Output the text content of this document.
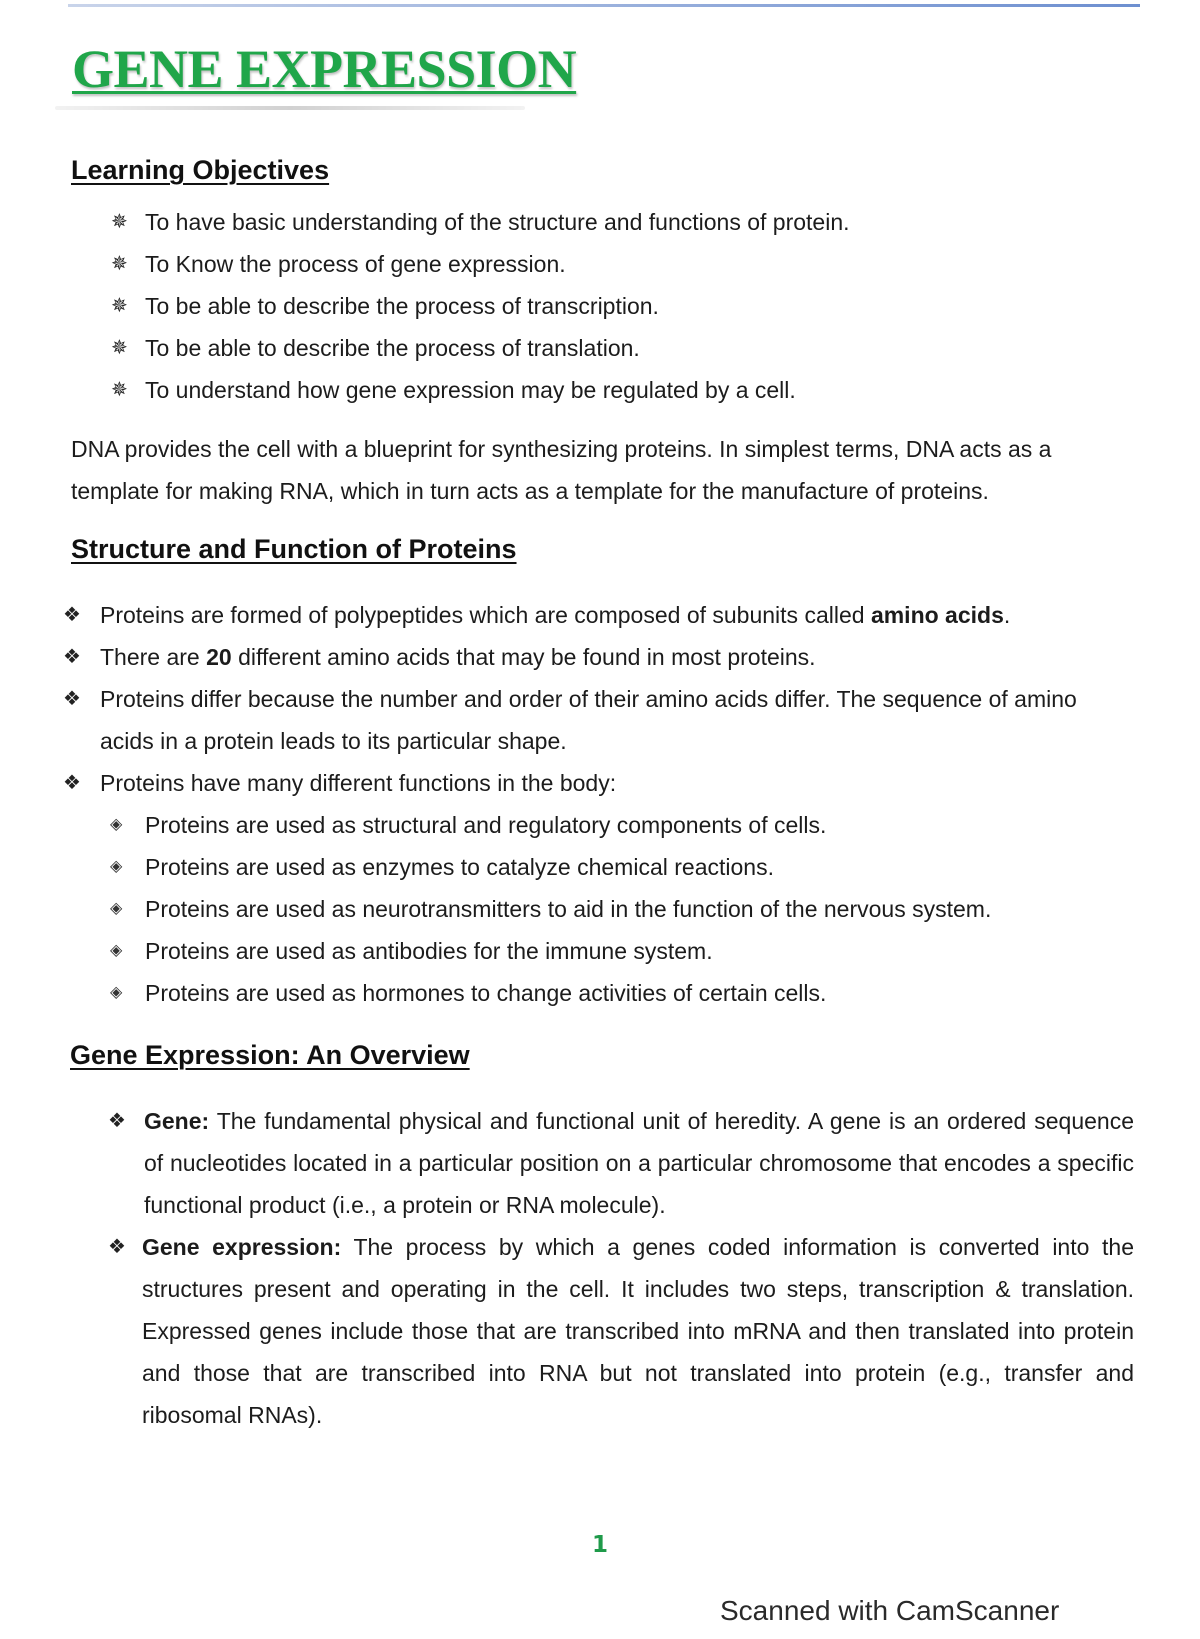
GENE EXPRESSION
Learning Objectives
✵ To have basic understanding of the structure and functions of protein.
✵ To Know the process of gene expression.
✵ To be able to describe the process of transcription.
✵ To be able to describe the process of translation.
✵ To understand how gene expression may be regulated by a cell.
DNA provides the cell with a blueprint for synthesizing proteins. In simplest terms, DNA acts as a
template for making RNA, which in turn acts as a template for the manufacture of proteins.
Structure and Function of Proteins
❖ Proteins are formed of polypeptides which are composed of subunits called amino acids.
❖ There are 20 different amino acids that may be found in most proteins.
❖ Proteins differ because the number and order of their amino acids differ. The sequence of amino
acids in a protein leads to its particular shape.
❖ Proteins have many different functions in the body:
◈ Proteins are used as structural and regulatory components of cells.
◈ Proteins are used as enzymes to catalyze chemical reactions.
◈ Proteins are used as neurotransmitters to aid in the function of the nervous system.
◈ Proteins are used as antibodies for the immune system.
◈ Proteins are used as hormones to change activities of certain cells.
Gene Expression: An Overview
❖ Gene: The fundamental physical and functional unit of heredity. A gene is an ordered sequence of nucleotides located in a particular position on a particular chromosome that encodes a specific functional product (i.e., a protein or RNA molecule).
❖ Gene expression: The process by which a genes coded information is converted into the structures present and operating in the cell. It includes two steps, transcription & translation. Expressed genes include those that are transcribed into mRNA and then translated into protein and those that are transcribed into RNA but not translated into protein (e.g., transfer and ribosomal RNAs).
1
Scanned with CamScanner
